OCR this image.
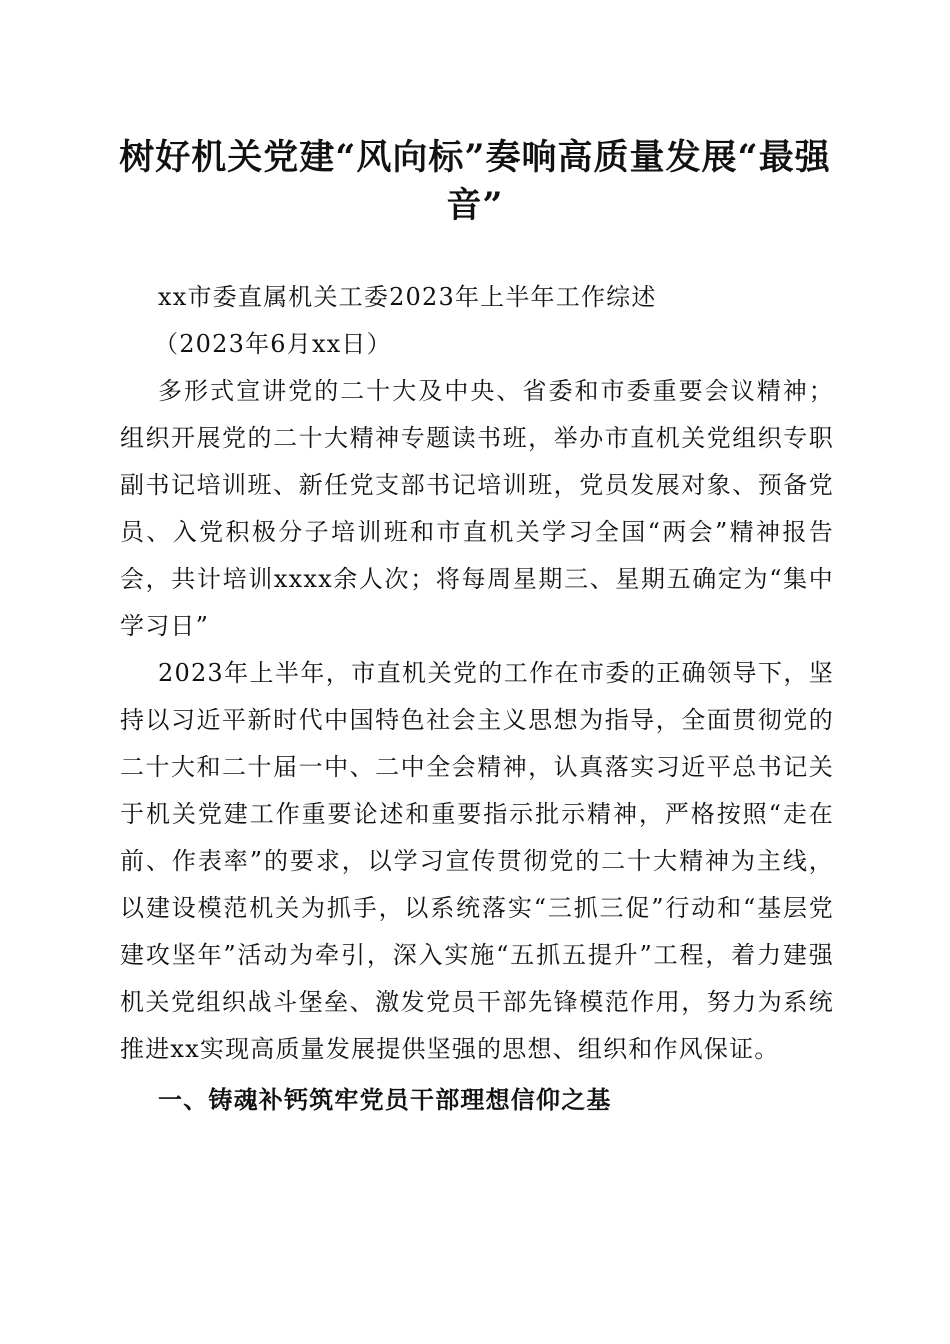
树好机关党建“风向标”奏响高质量发展“最强音”

xx市委直属机关工委2023年上半年工作综述

（2023年6月xx日）

多形式宣讲党的二十大及中央、省委和市委重要会议精神；组织开展党的二十大精神专题读书班，举办市直机关党组织专职副书记培训班、新任党支部书记培训班，党员发展对象、预备党员、入党积极分子培训班和市直机关学习全国“两会”精神报告会，共计培训xxxx余人次；将每周星期三、星期五确定为“集中学习日”

2023年上半年，市直机关党的工作在市委的正确领导下，坚持以习近平新时代中国特色社会主义思想为指导，全面贯彻党的二十大和二十届一中、二中全会精神，认真落实习近平总书记关于机关党建工作重要论述和重要指示批示精神，严格按照“走在前、作表率”的要求，以学习宣传贯彻党的二十大精神为主线，以建设模范机关为抓手，以系统落实“三抓三促”行动和“基层党建攻坚年”活动为牵引，深入实施“五抓五提升”工程，着力建强机关党组织战斗堡垒、激发党员干部先锋模范作用，努力为系统推进xx实现高质量发展提供坚强的思想、组织和作风保证。

一、铸魂补钙筑牢党员干部理想信仰之基
